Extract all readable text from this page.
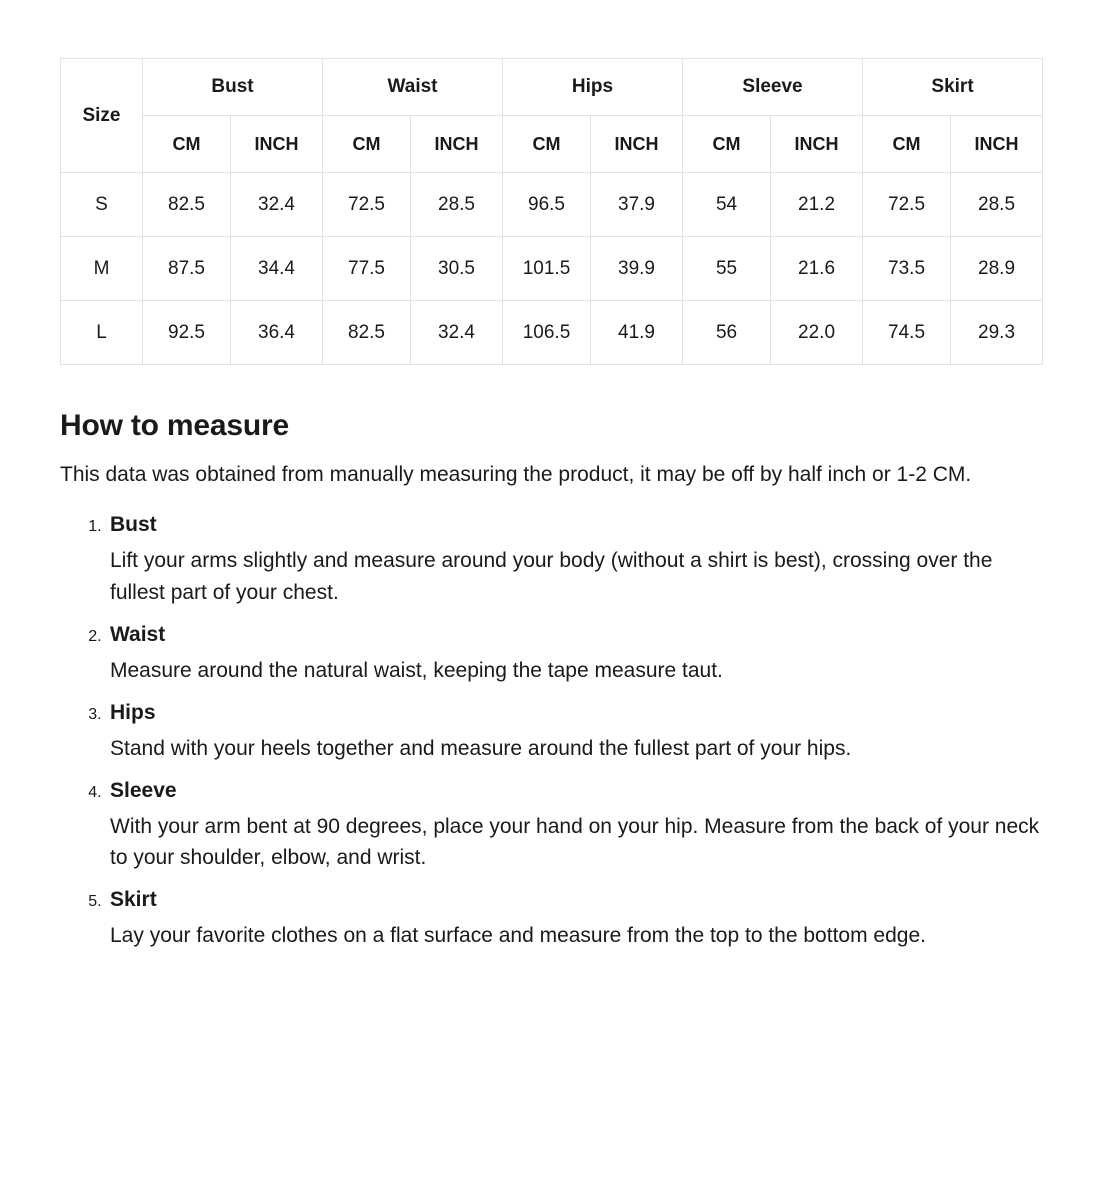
Size	Bust		Waist		Hips		Sleeve		Skirt	
	CM	INCH	CM	INCH	CM	INCH	CM	INCH	CM	INCH
S	82.5	32.4	72.5	28.5	96.5	37.9	54	21.2	72.5	28.5
M	87.5	34.4	77.5	30.5	101.5	39.9	55	21.6	73.5	28.9
L	92.5	36.4	82.5	32.4	106.5	41.9	56	22.0	74.5	29.3
How to measure

This data was obtained from manually measuring the product, it may be off by half inch or 1-2 CM.

1. Bust
Lift your arms slightly and measure around your body (without a shirt is best), crossing over the fullest part of your chest.
2. Waist
Measure around the natural waist, keeping the tape measure taut.
3. Hips
Stand with your heels together and measure around the fullest part of your hips.
4. Sleeve
With your arm bent at 90 degrees, place your hand on your hip. Measure from the back of your neck to your shoulder, elbow, and wrist.
5. Skirt
Lay your favorite clothes on a flat surface and measure from the top to the bottom edge.
